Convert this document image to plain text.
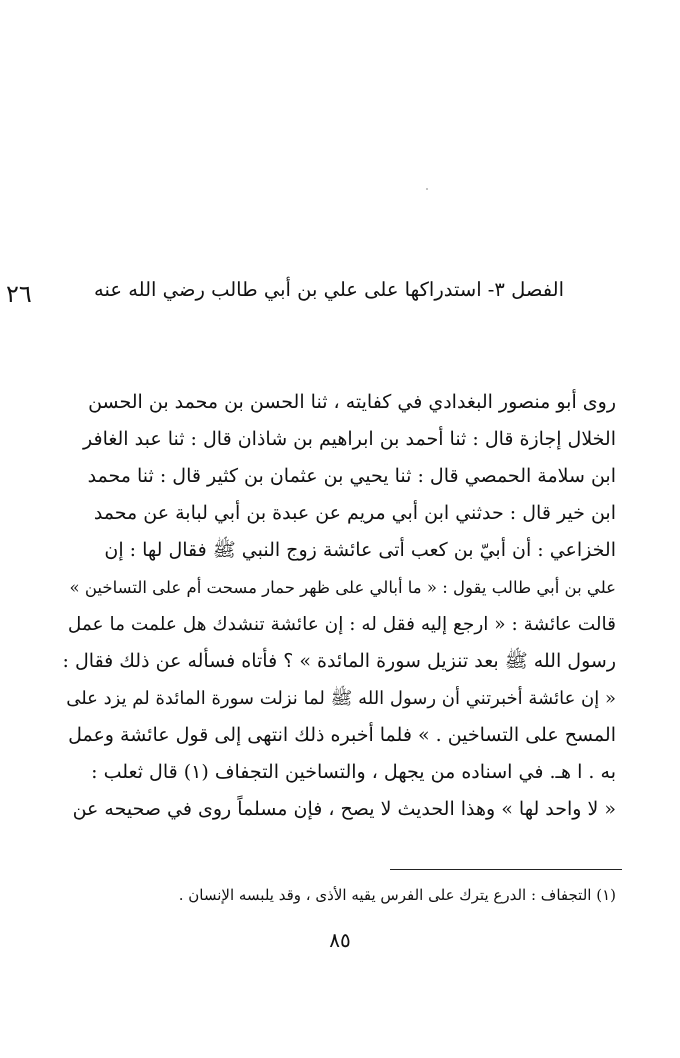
الفصل ٣- استدراكها على علي بن أبي طالب رضي الله عنه
٢٦
روى أبو منصور البغدادي في كفايته ، ثنا الحسن بن محمد بن الحسن
الخلال إجازة قال : ثنا أحمد بن ابراهيم بن شاذان قال : ثنا عبد الغافر
ابن سلامة الحمصي قال : ثنا يحيي بن عثمان بن كثير قال : ثنا محمد
ابن خير قال : حدثني ابن أبي مريم عن عبدة بن أبي لبابة عن محمد
الخزاعي : أن أبيّ بن كعب أتى عائشة زوج النبي ﷺ فقال لها : إن
علي بن أبي طالب يقول : « ما أبالي على ظهر حمار مسحت أم على التساخين »
قالت عائشة : « ارجع إليه فقل له : إن عائشة تنشدك هل علمت ما عمل
رسول الله ﷺ بعد تنزيل سورة المائدة » ؟ فأتاه فسأله عن ذلك فقال :
« إن عائشة أخبرتني أن رسول الله ﷺ لما نزلت سورة المائدة لم يزد على
المسح على التساخين . » فلما أخبره ذلك انتهى إلى قول عائشة وعمل
به . ا هـ. في اسناده من يجهل ، والتساخين التجفاف (١) قال ثعلب :
« لا واحد لها » وهذا الحديث لا يصح ، فإن مسلماً روى في صحيحه عن
(١) التجفاف : الدرع يترك على الفرس يقيه الأذى ، وقد يلبسه الإنسان .
٨٥
